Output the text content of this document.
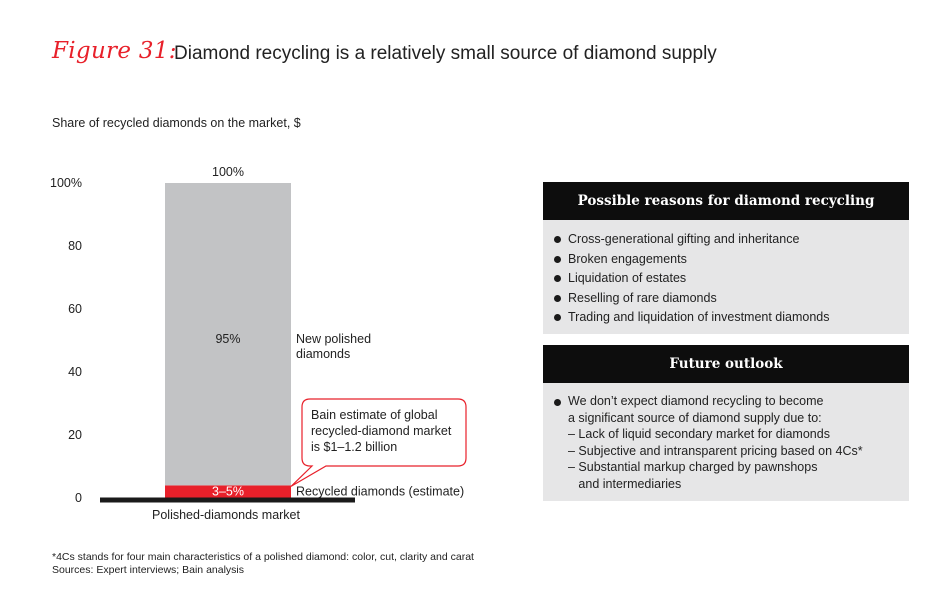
Figure 31:
Diamond recycling is a relatively small source of diamond supply
Share of recycled diamonds on the market, $
0
20
40
60
80
100%
100%
95%
3–5%
New polished
diamonds
Recycled diamonds (estimate)
Polished-diamonds market
Bain estimate of global
recycled-diamond market
is $1–1.2 billion
Possible reasons for diamond recycling
Cross-generational gifting and inheritance
Broken engagements
Liquidation of estates
Reselling of rare diamonds
Trading and liquidation of investment diamonds
Future outlook
We don’t expect diamond recycling to become
a significant source of diamond supply due to:
– Lack of liquid secondary market for diamonds
– Subjective and intransparent pricing based on 4Cs*
– Substantial markup charged by pawnshops
and intermediaries
*4Cs stands for four main characteristics of a polished diamond: color, cut, clarity and carat
Sources: Expert interviews; Bain analysis
